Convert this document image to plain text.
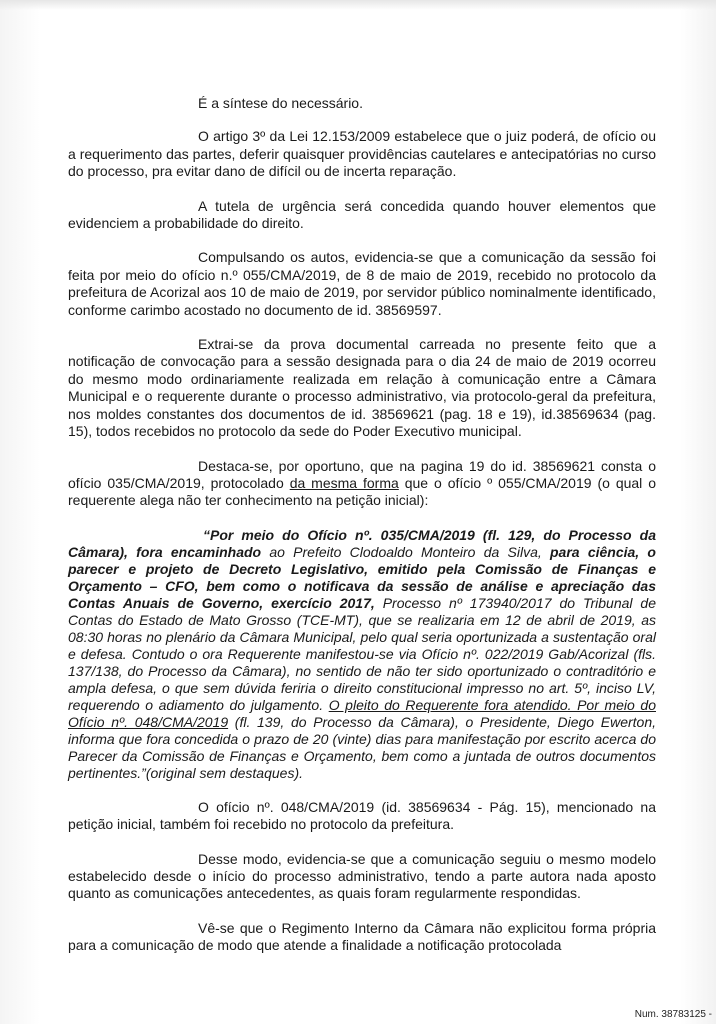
É a síntese do necessário.

O artigo 3º da Lei 12.153/2009 estabelece que o juiz poderá, de ofício ou a requerimento das partes, deferir quaisquer providências cautelares e antecipatórias no curso do processo, pra evitar dano de difícil ou de incerta reparação.

A tutela de urgência será concedida quando houver elementos que evidenciem a probabilidade do direito.

Compulsando os autos, evidencia-se que a comunicação da sessão foi feita por meio do ofício n.º 055/CMA/2019, de 8 de maio de 2019, recebido no protocolo da prefeitura de Acorizal aos 10 de maio de 2019, por servidor público nominalmente identificado, conforme carimbo acostado no documento de id. 38569597.

Extrai-se da prova documental carreada no presente feito que a notificação de convocação para a sessão designada para o dia 24 de maio de 2019 ocorreu do mesmo modo ordinariamente realizada em relação à comunicação entre a Câmara Municipal e o requerente durante o processo administrativo, via protocolo-geral da prefeitura, nos moldes constantes dos documentos de id. 38569621 (pag. 18 e 19), id.38569634 (pag. 15), todos recebidos no protocolo da sede do Poder Executivo municipal.

Destaca-se, por oportuno, que na pagina 19 do id. 38569621 consta o ofício 035/CMA/2019, protocolado da mesma forma que o ofício º 055/CMA/2019 (o qual o requerente alega não ter conhecimento na petição inicial):

“Por meio do Ofício nº. 035/CMA/2019 (fl. 129, do Processo da Câmara), fora encaminhado ao Prefeito Clodoaldo Monteiro da Silva, para ciência, o parecer e projeto de Decreto Legislativo, emitido pela Comissão de Finanças e Orçamento – CFO, bem como o notificava da sessão de análise e apreciação das Contas Anuais de Governo, exercício 2017, Processo nº 173940/2017 do Tribunal de Contas do Estado de Mato Grosso (TCE-MT), que se realizaria em 12 de abril de 2019, as 08:30 horas no plenário da Câmara Municipal, pelo qual seria oportunizada a sustentação oral e defesa. Contudo o ora Requerente manifestou-se via Ofício nº. 022/2019 Gab/Acorizal (fls. 137/138, do Processo da Câmara), no sentido de não ter sido oportunizado o contraditório e ampla defesa, o que sem dúvida feriria o direito constitucional impresso no art. 5º, inciso LV, requerendo o adiamento do julgamento. O pleito do Requerente fora atendido. Por meio do Ofício nº. 048/CMA/2019 (fl. 139, do Processo da Câmara), o Presidente, Diego Ewerton, informa que fora concedida o prazo de 20 (vinte) dias para manifestação por escrito acerca do Parecer da Comissão de Finanças e Orçamento, bem como a juntada de outros documentos pertinentes.”(original sem destaques).

O ofício nº. 048/CMA/2019 (id. 38569634 - Pág. 15), mencionado na petição inicial, também foi recebido no protocolo da prefeitura.

Desse modo, evidencia-se que a comunicação seguiu o mesmo modelo estabelecido desde o início do processo administrativo, tendo a parte autora nada aposto quanto as comunicações antecedentes, as quais foram regularmente respondidas.

Vê-se que o Regimento Interno da Câmara não explicitou forma própria para a comunicação de modo que atende a finalidade a notificação protocolada

Num. 38783125 -
